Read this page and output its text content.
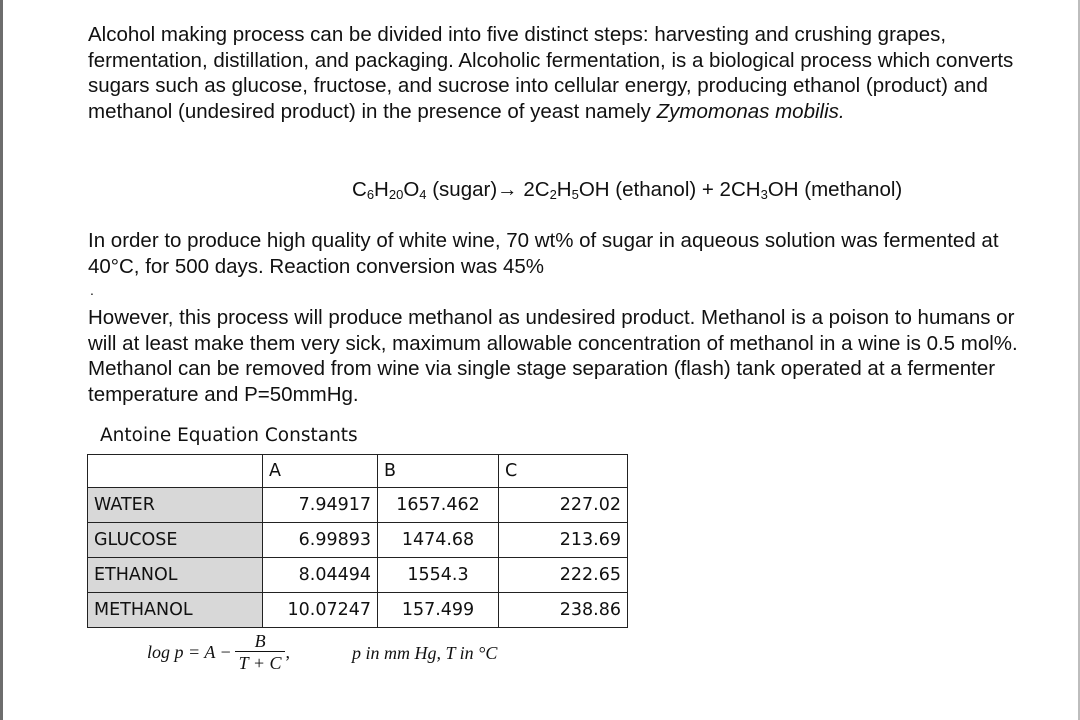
Alcohol making process can be divided into five distinct steps: harvesting and crushing grapes, fermentation, distillation, and packaging. Alcoholic fermentation, is a biological process which converts sugars such as glucose, fructose, and sucrose into cellular energy, producing ethanol (product) and methanol (undesired product) in the presence of yeast namely Zymomonas mobilis.

$C_6H_{20}O_4$ (sugar)→ $2C_2H_5OH$ (ethanol) + $2CH_3OH$ (methanol)

In order to produce high quality of white wine, 70 wt% of sugar in aqueous solution was fermented at 40°C, for 500 days. Reaction conversion was 45%

.

However, this process will produce methanol as undesired product. Methanol is a poison to humans or will at least make them very sick, maximum allowable concentration of methanol in a wine is 0.5 mol%. Methanol can be removed from wine via single stage separation (flash) tank operated at a fermenter temperature and P=50mmHg.

Antoine Equation Constants
	A	B	C
WATER	7.94917	1657.462	227.02
GLUCOSE	6.99893	1474.68	213.69
ETHANOL	8.04494	1554.3	222.65
METHANOL	10.07247	157.499	238.86
$\log p = A - \frac{B}{T + C}$ ,	p in mm Hg, T in °C
